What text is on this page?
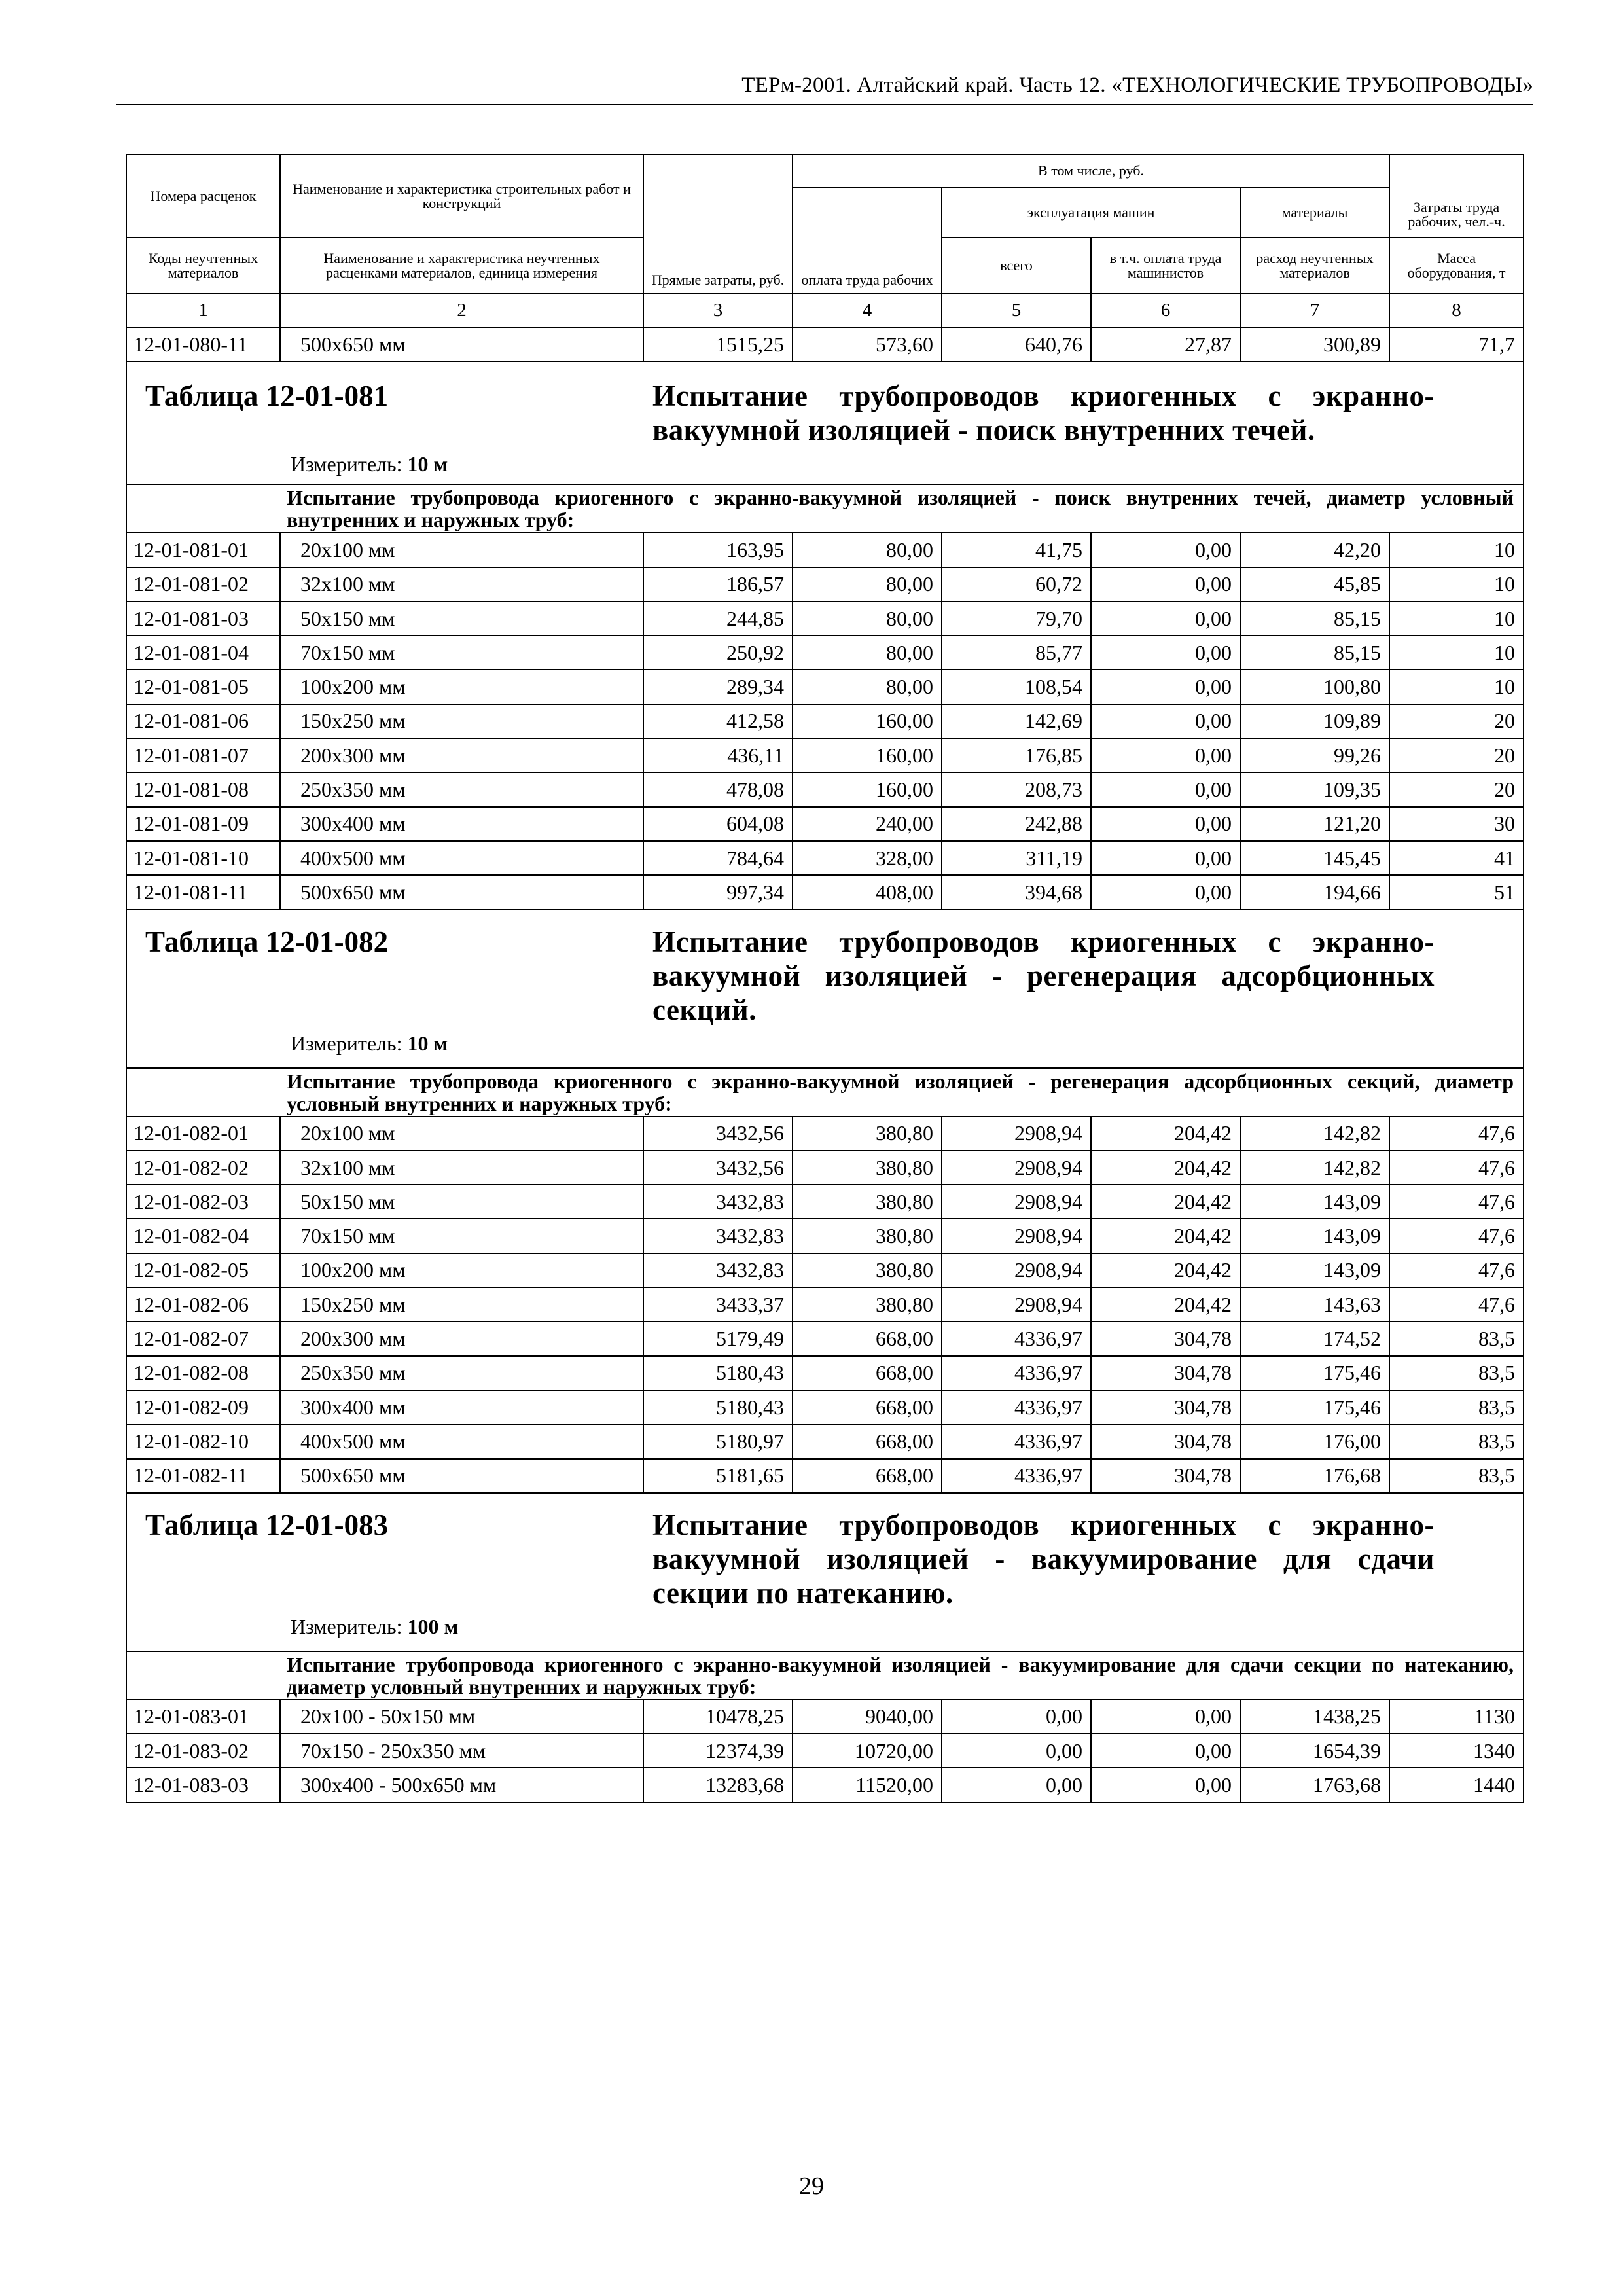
ТЕРм-2001. Алтайский край. Часть 12. «ТЕХНОЛОГИЧЕСКИЕ ТРУБОПРОВОДЫ»
Номера расценок	Наименование и характеристика строительных работ и конструкций	Прямые затраты, руб.	В том числе, руб.				Затраты труда рабочих, чел.-ч.
			оплата труда рабочих	эксплуатация машин		материалы	
Коды неучтенных материалов	Наименование и характеристика неучтенных расценками материалов, единица измерения			всего	в т.ч. оплата труда машинистов	расход неучтенных материалов	Масса оборудования, т
1	2	3	4	5	6	7	8
12-01-080-11	500х650 мм	1515,25	573,60	640,76	27,87	300,89	71,7

Таблица 12-01-081 Испытание трубопроводов криогенных с экранно-вакуумной изоляцией - поиск внутренних течей.
Измеритель: 10 м							

	Испытание трубопровода криогенного с экранно-вакуумной изоляцией - поиск внутренних течей, диаметр условный внутренних и наружных труб:						
12-01-081-01	20х100 мм	163,95	80,00	41,75	0,00	42,20	10
12-01-081-02	32х100 мм	186,57	80,00	60,72	0,00	45,85	10
12-01-081-03	50х150 мм	244,85	80,00	79,70	0,00	85,15	10
12-01-081-04	70х150 мм	250,92	80,00	85,77	0,00	85,15	10
12-01-081-05	100х200 мм	289,34	80,00	108,54	0,00	100,80	10
12-01-081-06	150х250 мм	412,58	160,00	142,69	0,00	109,89	20
12-01-081-07	200х300 мм	436,11	160,00	176,85	0,00	99,26	20
12-01-081-08	250х350 мм	478,08	160,00	208,73	0,00	109,35	20
12-01-081-09	300х400 мм	604,08	240,00	242,88	0,00	121,20	30
12-01-081-10	400х500 мм	784,64	328,00	311,19	0,00	145,45	41
12-01-081-11	500х650 мм	997,34	408,00	394,68	0,00	194,66	51

Таблица 12-01-082 Испытание трубопроводов криогенных с экранно-вакуумной изоляцией - регенерация адсорбционных секций.
Измеритель: 10 м							

	Испытание трубопровода криогенного с экранно-вакуумной изоляцией - регенерация адсорбционных секций, диаметр условный внутренних и наружных труб:						
12-01-082-01	20х100 мм	3432,56	380,80	2908,94	204,42	142,82	47,6
12-01-082-02	32х100 мм	3432,56	380,80	2908,94	204,42	142,82	47,6
12-01-082-03	50х150 мм	3432,83	380,80	2908,94	204,42	143,09	47,6
12-01-082-04	70х150 мм	3432,83	380,80	2908,94	204,42	143,09	47,6
12-01-082-05	100х200 мм	3432,83	380,80	2908,94	204,42	143,09	47,6
12-01-082-06	150х250 мм	3433,37	380,80	2908,94	204,42	143,63	47,6
12-01-082-07	200х300 мм	5179,49	668,00	4336,97	304,78	174,52	83,5
12-01-082-08	250х350 мм	5180,43	668,00	4336,97	304,78	175,46	83,5
12-01-082-09	300х400 мм	5180,43	668,00	4336,97	304,78	175,46	83,5
12-01-082-10	400х500 мм	5180,97	668,00	4336,97	304,78	176,00	83,5
12-01-082-11	500х650 мм	5181,65	668,00	4336,97	304,78	176,68	83,5

Таблица 12-01-083 Испытание трубопроводов криогенных с экранно-вакуумной изоляцией - вакуумирование для сдачи секции по натеканию.
Измеритель: 100 м							

	Испытание трубопровода криогенного с экранно-вакуумной изоляцией - вакуумирование для сдачи секции по натеканию, диаметр условный внутренних и наружных труб:						
12-01-083-01	20х100 - 50х150 мм	10478,25	9040,00	0,00	0,00	1438,25	1130
12-01-083-02	70х150 - 250х350 мм	12374,39	10720,00	0,00	0,00	1654,39	1340
12-01-083-03	300х400 - 500х650 мм	13283,68	11520,00	0,00	0,00	1763,68	1440
29
